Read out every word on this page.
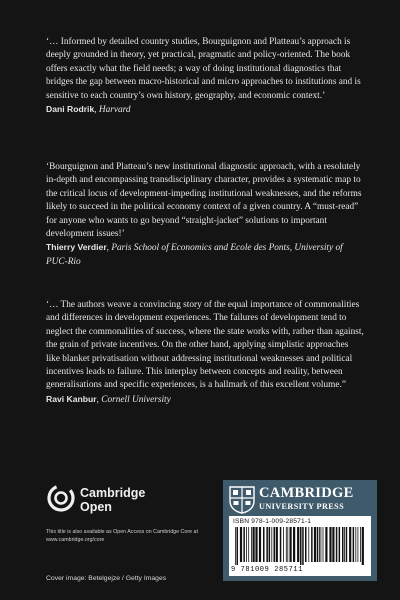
‘… Informed by detailed country studies, Bourguignon and Platteau’s approach is deeply grounded in theory, yet practical, pragmatic and policy-oriented. The book offers exactly what the field needs; a way of doing institutional diagnostics that bridges the gap between macro-historical and micro approaches to institutions and is sensitive to each country’s own history, geography, and economic context.’

Dani Rodrik, Harvard

‘Bourguignon and Platteau’s new institutional diagnostic approach, with a resolutely in-depth and encompassing transdisciplinary character, provides a systematic map to the critical locus of development-impeding institutional weaknesses, and the reforms likely to succeed in the political economy context of a given country. A “must-read” for anyone who wants to go beyond “straight-jacket” solutions to important development issues!’

Thierry Verdier, Paris School of Economics and Ecole des Ponts, University of PUC-Rio

‘… The authors weave a convincing story of the equal importance of commonalities and differences in development experiences. The failures of development tend to neglect the commonalities of success, where the state works with, rather than against, the grain of private incentives. On the other hand, applying simplistic approaches like blanket privatisation without addressing institutional weaknesses and political incentives leads to failure. This interplay between concepts and reality, between generalisations and specific experiences, is a hallmark of this excellent volume.”

Ravi Kanbur, Cornell University

Cambridge
Open
This title is also available as Open Access on Cambridge Core at www.cambridge.org/core
Cover image: Betelgejze / Getty Images
CAMBRIDGE
UNIVERSITY PRESS
ISBN 978-1-009-28571-1
9 781009 285711
